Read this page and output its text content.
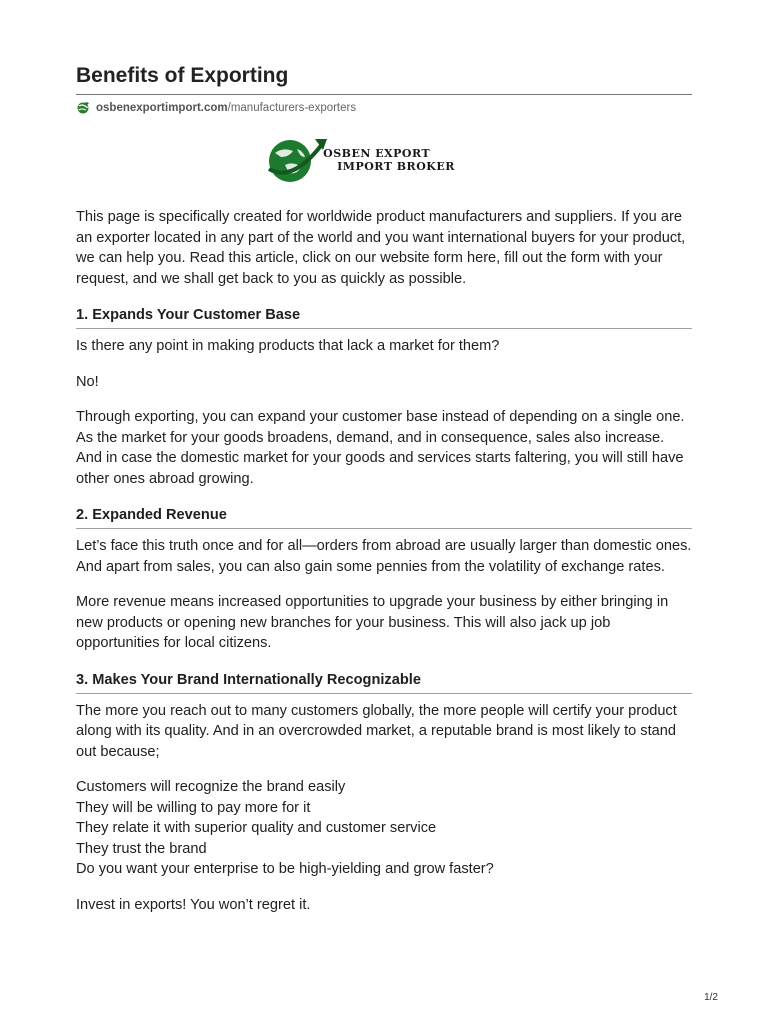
Benefits of Exporting
osbenexportimport.com /manufacturers-exporters
OSBEN EXPORT
IMPORT BROKER

This page is specifically created for worldwide product manufacturers and suppliers. If you are an exporter located in any part of the world and you want international buyers for your product, we can help you. Read this article, click on our website form here, fill out the form with your request, and we shall get back to you as quickly as possible.

1. Expands Your Customer Base

Is there any point in making products that lack a market for them?

No!

Through exporting, you can expand your customer base instead of depending on a single one. As the market for your goods broadens, demand, and in consequence, sales also increase. And in case the domestic market for your goods and services starts faltering, you will still have other ones abroad growing.

2. Expanded Revenue

Let’s face this truth once and for all—orders from abroad are usually larger than domestic ones. And apart from sales, you can also gain some pennies from the volatility of exchange rates.

More revenue means increased opportunities to upgrade your business by either bringing in new products or opening new branches for your business. This will also jack up job opportunities for local citizens.

3. Makes Your Brand Internationally Recognizable

The more you reach out to many customers globally, the more people will certify your product along with its quality. And in an overcrowded market, a reputable brand is most likely to stand out because;

Customers will recognize the brand easily
They will be willing to pay more for it
They relate it with superior quality and customer service
They trust the brand
Do you want your enterprise to be high-yielding and grow faster?

Invest in exports! You won’t regret it.

1/2
